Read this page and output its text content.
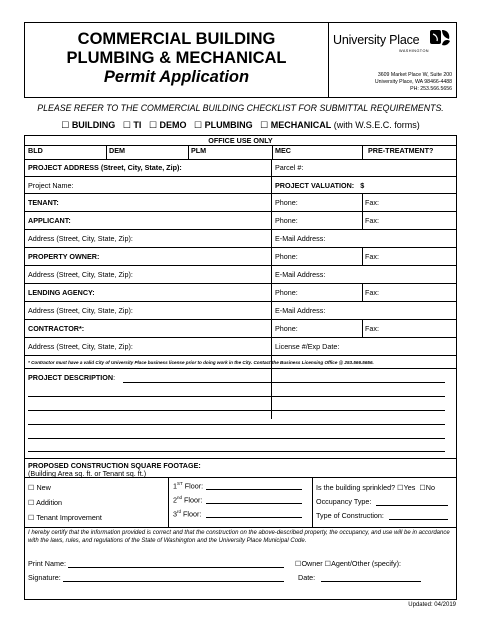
COMMERCIAL BUILDING
PLUMBING & MECHANICAL
Permit Application
University Place
WASHINGTON
3609 Market Place W, Suite 200
University Place, WA 98466-4488
PH: 253.566.5656
PLEASE REFER TO THE COMMERCIAL BUILDING CHECKLIST FOR SUBMITTAL REQUIREMENTS.
☐ BUILDING ☐ TI ☐ DEMO ☐ PLUMBING ☐ MECHANICAL (with W.S.E.C. forms)
OFFICE USE ONLY
BLD	DEM	PLM	MEC	PRE-TREATMENT?
PROJECT ADDRESS (Street, City, State, Zip):	Parcel #:
Project Name:	PROJECT VALUATION: $
TENANT:	Phone:	Fax:
APPLICANT:	Phone:	Fax:
Address (Street, City, State, Zip):	E-Mail Address:
PROPERTY OWNER:	Phone:	Fax:
Address (Street, City, State, Zip):	E-Mail Address:
LENDING AGENCY:	Phone:	Fax:
Address (Street, City, State, Zip):	E-Mail Address:
CONTRACTOR*:	Phone:	Fax:
Address (Street, City, State, Zip):	License #/Exp Date:
* Contractor must have a valid City of University Place business license prior to doing work in the City. Contact the Business Licensing Office @ 253.566.5656.
PROJECT DESCRIPTION:
PROPOSED CONSTRUCTION SQUARE FOOTAGE:
(Building Area sq. ft. or Tenant sq. ft.)
☐ New
☐ Addition
☐ Tenant Improvement
1ST Floor:
2nd Floor:
3rd Floor:
Is the building sprinkled? ☐Yes ☐No
Occupancy Type:
Type of Construction:
I hereby certify that the information provided is correct and that the construction on the above-described property, the occupancy, and use will be in accordance with the laws, rules, and regulations of the State of Washington and the University Place Municipal Code.
Print Name:	☐Owner ☐Agent/Other (specify):
Signature:	Date:
Updated: 04/2019
